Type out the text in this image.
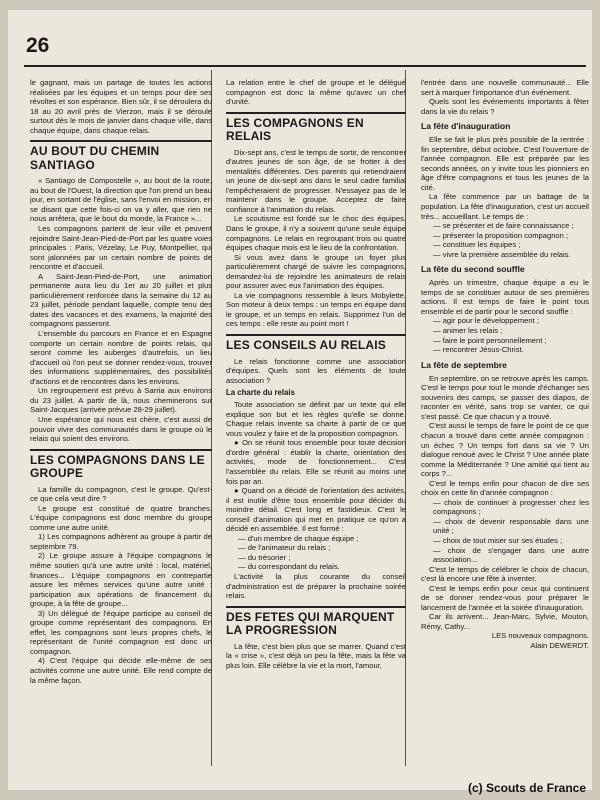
26

le gagnant, mais un partage de toutes les actions réalisées par les équipes et un temps pour dire ses révoltes et son espérance. Bien sûr, il se déroulera du 18 au 20 avril près de Vierzon, mais il se déroule surtout dès le mois de janvier dans chaque ville, dans chaque équipe, dans chaque relais.

AU BOUT DU CHEMIN SANTIAGO

« Santiago de Compostelle », au bout de la route, au bout de l'Ouest, la direction que l'on prend un beau jour, en sortant de l'église, sans l'envoi en mission, en se disant que cette fois-ci on va y aller, que rien ne nous arrêtera, que le bout du monde, la France »...

Les compagnons partent de leur ville et peuvent rejoindre Saint-Jean-Pied-de-Port par les quatre voies principales : Paris, Vézelay, Le Puy, Montpellier, qui sont jalonnées par un certain nombre de points de rencontre et d'accueil.

A Saint-Jean-Pied-de-Port, une animation permanente aura lieu du 1er au 20 juillet et plus particulièrement renforcée dans la semaine du 12 au 23 juillet, période pendant laquelle, compte tenu des dates des vacances et des examens, la majorité des compagnons passeront.

L'ensemble du parcours en France et en Espagne comporte un certain nombre de points relais, qui seront comme les auberges d'autrefois, un lieu d'accueil où l'on peut se donner rendez-vous, trouver des informations supplémentaires, des possibilités d'actions et de rencontres dans les environs.

Un regroupement est prévu à Sarria aux environs du 23 juillet. A partir de là, nous cheminerons sur Saint-Jacques (arrivée prévue 28-29 juillet).

Une espérance qui nous est chère, c'est aussi de pouvoir vivre des communautés dans le groupe où le relais qui soient des environs.

LES COMPAGNONS DANS LE GROUPE

La famille du compagnon, c'est le groupe. Qu'est-ce que cela veut dire ?

Le groupe est constitué de quatre branches. L'équipe compagnons est donc membre du groupe comme une autre unité.

1) Les compagnons adhèrent au groupe à partir de septembre 79.

2) Le groupe assure à l'équipe compagnons le même soutien qu'à une autre unité : local, matériel, finances... L'équipe compagnons en contrepartie assure les mêmes services qu'une autre unité : participation aux opérations de financement du groupe, à la fête de groupe...

3) Un délégué de l'équipe participe au conseil de groupe comme représentant des compagnons. En effet, les compagnons sont leurs propres chefs, le représentant de l'unité compagnon est donc un compagnon.

4) C'est l'équipe qui décide elle-même de ses activités comme une autre unité. Elle rend compte de la même façon.

La relation entre le chef de groupe et le délégué compagnon est donc la même qu'avec un chef d'unité.

LES COMPAGNONS EN RELAIS

Dix-sept ans, c'est le temps de sortir, de rencontrer d'autres jeunes de son âge, de se frotter à des mentalités différentes. Des parents qui retiendraient un jeune de dix-sept ans dans le seul cadre familial l'empêcheraient de progresser. N'essayez pas de le maintenir dans le groupe. Acceptez de faire confiance à l'animation du relais.

Le scoutisme est fondé sur le choc des équipes. Dans le groupe, il n'y a souvent qu'une seule équipe compagnons. Le relais en regroupant trois ou quatre équipes chaque mois est le lieu de la confrontation.

Si vous avez dans le groupe un foyer plus particulièrement chargé de suivre les compagnons, demandez-lui de rejoindre les animateurs de relais pour assurer avec eux l'animation des équipes.

La vie compagnons ressemble à leurs Mobylette. Son moteur à deux temps : un temps en équipe dans le groupe, et un temps en relais. Supprimez l'un de ces temps : elle reste au point mort !

LES CONSEILS AU RELAIS

Le relais fonctionne comme une association d'équipes. Quels sont les éléments de toute association ?

La charte du relais

Toute association se définit par un texte qui elle explique son but et les règles qu'elle se donne. Chaque relais invente sa charte à partir de ce que vous voulez y faire et de la proposition compagnon.

● On se réunit tous ensemble pour toute décision d'ordre général : établir la charte, orientation des activités, mode de fonctionnement... C'est l'assemblée du relais. Elle se réunit au moins une fois par an.

● Quand on a décidé de l'orientation des activités, il est inutile d'être tous ensemble pour décider du moindre détail. C'est long et fastidieux. C'est le conseil d'animation qui met en pratique ce qu'on a décidé en assemblée. Il est formé :

— d'un membre de chaque équipe ;
— de l'animateur du relais ;
— du trésorier ;
— du correspondant du relais.

L'activité la plus courante du conseil d'administration est de préparer la prochaine soirée relais.

DES FETES QUI MARQUENT LA PROGRESSION

La fête, c'est bien plus que se marrer. Quand c'est la « crise », c'est déjà un peu la fête, mais la fête va plus loin. Elle célèbre la vie et la mort, l'amour,

l'entrée dans une nouvelle communauté... Elle sert à marquer l'importance d'un événement.

Quels sont les événements importants à fêter dans la vie du relais ?

La fête d'inauguration

Elle se fait le plus près possible de la rentrée : fin septembre, début octobre. C'est l'ouverture de l'année compagnon. Elle est préparée par les seconds années, on y invite tous les pionniers en âge d'être compagnons et tous les jeunes de la cité.

La fête commence par un battage de la population. La fête d'inauguration, c'est un accueil très... accueillant. Le temps de :

— se présenter et de faire connaissance ;
— présenter la proposition compagnon ;
— constituer les équipes ;
— vivre la première assemblée du relais.
La fête du second souffle

Après un trimestre, chaque équipe a eu le temps de se constituer autour de ses premières actions. Il est temps de faire le point tous ensemble et de partir pour le second souffle :

— agir pour le développement ;
— animer les relais ;
— faire le point personnellement ;
— rencontrer Jésus-Christ.
La fête de septembre

En septembre, on se retrouve après les camps. C'est le temps pour tout le monde d'échanger ses souvenirs des camps, se passer des diapos, de raconter en vérité, sans trop se vanter, ce qui s'est passé. Ce que chacun y a trouvé.

C'est aussi le temps de faire le point de ce que chacun a trouvé dans cette année compagnon : un échec ? Un temps fort dans sa vie ? Un dialogue renoué avec le Christ ? Une année plate comme la Méditerranée ? Une amitié qui tient au corps ?...

C'est le temps enfin pour chacun de dire ses choix en cette fin d'année compagnon :

— choix de continuer à progresser chez les compagnons ;
— choix de devenir responsable dans une unité ;
— choix de tout miser sur ses études ;
— choix de s'engager dans une autre association...

C'est le temps de célébrer le choix de chacun, c'est là encore une fête à inventer.

C'est le temps enfin pour ceux qui continuent de se donner rendez-vous pour préparer le lancement de l'année et la soirée d'inauguration.

Car ils arrivent... Jean-Marc, Sylvie, Mouton, Rémy, Cathy...

LES nouveaux compagnons.

Alain DEWERDT.

(c) Scouts de France
